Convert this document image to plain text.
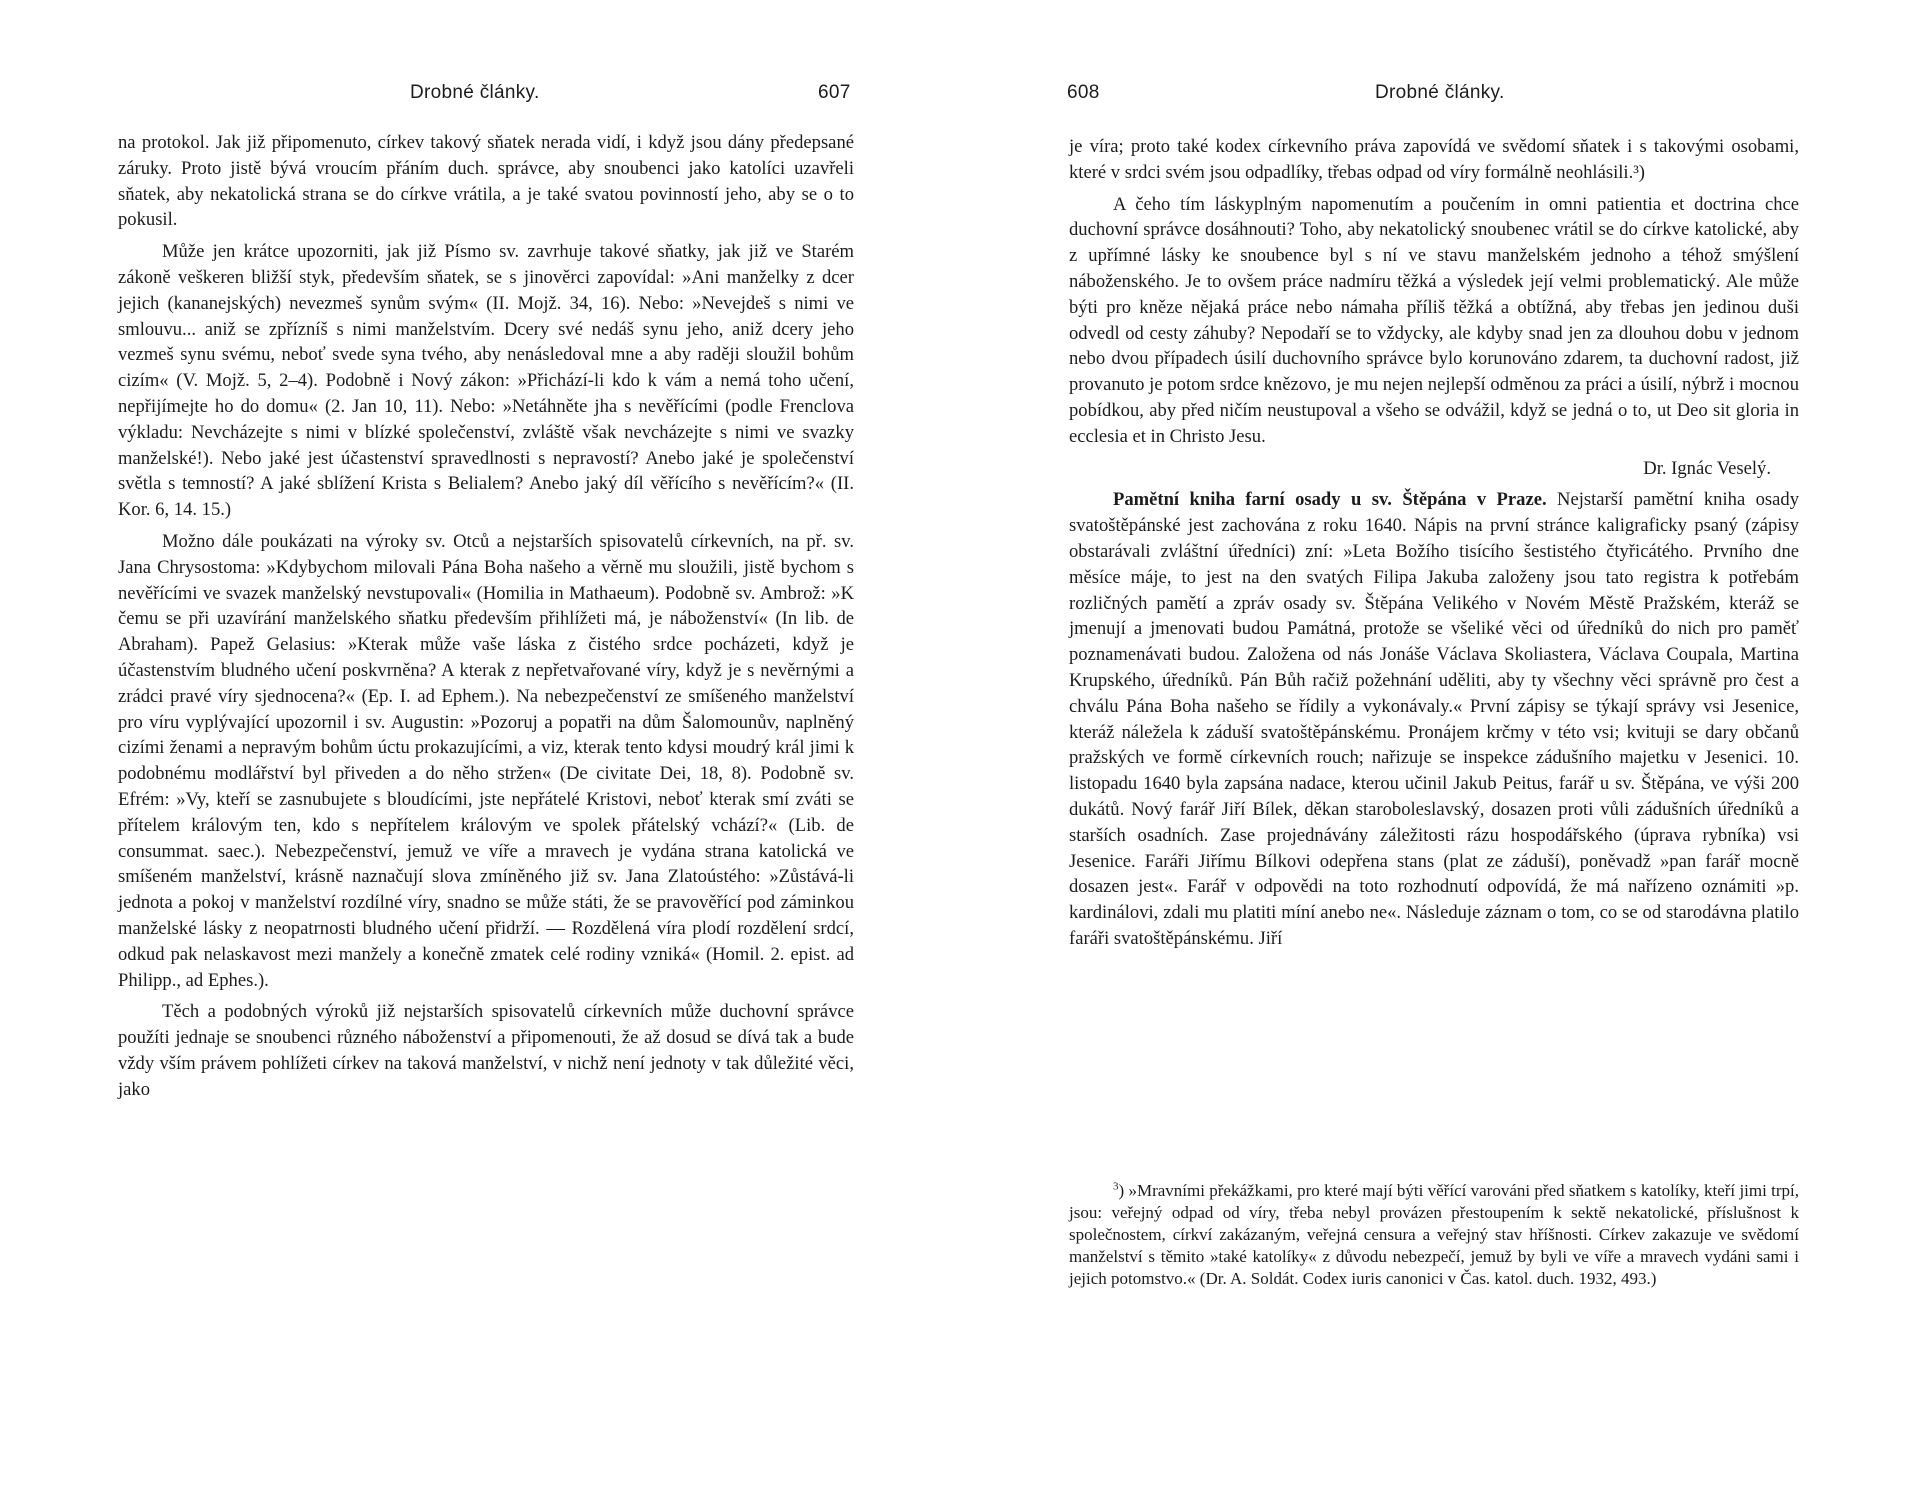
Drobné články.	607

na protokol. Jak již připomenuto, církev takový sňatek nerada vidí, i když jsou dány předepsané záruky. Proto jistě bývá vroucím přáním duch. správce, aby snoubenci jako katolíci uzavřeli sňatek, aby nekatolická strana se do církve vrátila, a je také svatou povinností jeho, aby se o to pokusil.

Může jen krátce upozorniti, jak již Písmo sv. zavrhuje takové sňatky, jak již ve Starém zákoně veškeren bližší styk, především sňatek, se s jinověrci zapovídal: »Ani manželky z dcer jejich (kananejských) nevezmeš synům svým« (II. Mojž. 34, 16). Nebo: »Nevejdeš s nimi ve smlouvu... aniž se zpřízníš s nimi manželstvím. Dcery své nedáš synu jeho, aniž dcery jeho vezmeš synu svému, neboť svede syna tvého, aby nenásledoval mne a aby raději sloužil bohům cizím« (V. Mojž. 5, 2–4). Podobně i Nový zákon: »Přichází-li kdo k vám a nemá toho učení, nepřijímejte ho do domu« (2. Jan 10, 11). Nebo: »Netáhněte jha s nevěřícími (podle Frenclova výkladu: Nevcházejte s nimi v blízké společenství, zvláště však nevcházejte s nimi ve svazky manželské!). Nebo jaké jest účastenství spravedlnosti s nepravostí? Anebo jaké je společenství světla s temností? A jaké sblížení Krista s Belialem? Anebo jaký díl věřícího s nevěřícím?« (II. Kor. 6, 14. 15.)

Možno dále poukázati na výroky sv. Otců a nejstarších spisovatelů církevních, na př. sv. Jana Chrysostoma: »Kdybychom milovali Pána Boha našeho a věrně mu sloužili, jistě bychom s nevěřícími ve svazek manželský nevstupovali« (Homilia in Mathaeum). Podobně sv. Ambrož: »K čemu se při uzavírání manželského sňatku především přihlížeti má, je náboženství« (In lib. de Abraham). Papež Gelasius: »Kterak může vaše láska z čistého srdce pocházeti, když je účastenstvím bludného učení poskvrněna? A kterak z nepřetvařované víry, když je s nevěrnými a zrádci pravé víry sjednocena?« (Ep. I. ad Ephem.). Na nebezpečenství ze smíšeného manželství pro víru vyplývající upozornil i sv. Augustin: »Pozoruj a popatři na dům Šalomounův, naplněný cizími ženami a nepravým bohům úctu prokazujícími, a viz, kterak tento kdysi moudrý král jimi k podobnému modlářství byl přiveden a do něho stržen« (De civitate Dei, 18, 8). Podobně sv. Efrém: »Vy, kteří se zasnubujete s bloudícími, jste nepřátelé Kristovi, neboť kterak smí zváti se přítelem královým ten, kdo s nepřítelem královým ve spolek přátelský vchází?« (Lib. de consummat. saec.). Nebezpečenství, jemuž ve víře a mravech je vydána strana katolická ve smíšeném manželství, krásně naznačují slova zmíněného již sv. Jana Zlatoústého: »Zůstává-li jednota a pokoj v manželství rozdílné víry, snadno se může státi, že se pravověřící pod záminkou manželské lásky z neopatrnosti bludného učení přidrží. — Rozdělená víra plodí rozdělení srdcí, odkud pak nelaskavost mezi manžely a konečně zmatek celé rodiny vzniká« (Homil. 2. epist. ad Philipp., ad Ephes.).

Těch a podobných výroků již nejstarších spisovatelů církevních může duchovní správce použíti jednaje se snoubenci různého náboženství a připomenouti, že až dosud se dívá tak a bude vždy vším právem pohlížeti církev na taková manželství, v nichž není jednoty v tak důležité věci, jako

608	Drobné články.

je víra; proto také kodex církevního práva zapovídá ve svědomí sňatek i s takovými osobami, které v srdci svém jsou odpadlíky, třebas odpad od víry formálně neohlásili.³)

A čeho tím láskyplným napomenutím a poučením in omni patientia et doctrina chce duchovní správce dosáhnouti? Toho, aby nekatolický snoubenec vrátil se do církve katolické, aby z upřímné lásky ke snoubence byl s ní ve stavu manželském jednoho a téhož smýšlení náboženského. Je to ovšem práce nadmíru těžká a výsledek její velmi problematický. Ale může býti pro kněze nějaká práce nebo námaha příliš těžká a obtížná, aby třebas jen jedinou duši odvedl od cesty záhuby? Nepodaří se to vždycky, ale kdyby snad jen za dlouhou dobu v jednom nebo dvou případech úsilí duchovního správce bylo korunováno zdarem, ta duchovní radost, již provanuto je potom srdce knězovo, je mu nejen nejlepší odměnou za práci a úsilí, nýbrž i mocnou pobídkou, aby před ničím neustupoval a všeho se odvážil, když se jedná o to, ut Deo sit gloria in ecclesia et in Christo Jesu.

Dr. Ignác Veselý.

Pamětní kniha farní osady u sv. Štěpána v Praze. Nejstarší pamětní kniha osady svatoštěpánské jest zachována z roku 1640. Nápis na první stránce kaligraficky psaný (zápisy obstarávali zvláštní úředníci) zní: »Leta Božího tisícího šestistého čtyřicátého. Prvního dne měsíce máje, to jest na den svatých Filipa Jakuba založeny jsou tato registra k potřebám rozličných pamětí a zpráv osady sv. Štěpána Velikého v Novém Městě Pražském, kteráž se jmenují a jmenovati budou Památná, protože se všeliké věci od úředníků do nich pro paměť poznamenávati budou. Založena od nás Jonáše Václava Skoliastera, Václava Coupala, Martina Krupského, úředníků. Pán Bůh račiž požehnání uděliti, aby ty všechny věci správně pro čest a chválu Pána Boha našeho se řídily a vykonávaly.« První zápisy se týkají správy vsi Jesenice, kteráž náležela k záduší svatoštěpánskému. Pronájem krčmy v této vsi; kvituji se dary občanů pražských ve formě církevních rouch; nařizuje se inspekce zádušního majetku v Jesenici. 10. listopadu 1640 byla zapsána nadace, kterou učinil Jakub Peitus, farář u sv. Štěpána, ve výši 200 dukátů. Nový farář Jiří Bílek, děkan staroboleslavský, dosazen proti vůli zádušních úředníků a starších osadních. Zase projednávány záležitosti rázu hospodářského (úprava rybníka) vsi Jesenice. Faráři Jiřímu Bílkovi odepřena stans (plat ze záduší), poněvadž »pan farář mocně dosazen jest«. Farář v odpovědi na toto rozhodnutí odpovídá, že má nařízeno oznámiti »p. kardinálovi, zdali mu platiti míní anebo ne«. Následuje záznam o tom, co se od starodávna platilo faráři svatoštěpánskému. Jiří

$^3$) »Mravními překážkami, pro které mají býti věřící varováni před sňatkem s katolíky, kteří jimi trpí, jsou: veřejný odpad od víry, třeba nebyl provázen přestoupením k sektě nekatolické, příslušnost k společnostem, církví zakázaným, veřejná censura a veřejný stav hříšnosti. Církev zakazuje ve svědomí manželství s těmito »také katolíky« z důvodu nebezpečí, jemuž by byli ve víře a mravech vydáni sami i jejich potomstvo.« (Dr. A. Soldát. Codex iuris canonici v Čas. katol. duch. 1932, 493.)
